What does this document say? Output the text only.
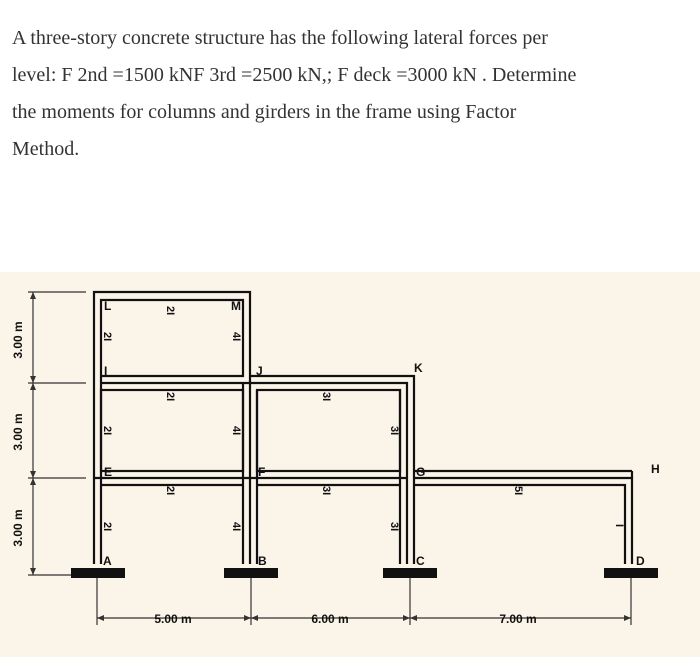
A three-story concrete structure has the following lateral forces per
level: F 2nd =1500 kNF 3rd =2500 kN,; F deck =3000 kN . Determine
the moments for columns and girders in the frame using Factor
Method.
3.00 m
3.00 m
3.00 m
5.00 m	6.00 m	7.00 m
L	M
I	J	K
E	F	G	H
A	B	C	D
2I
2I	4I
2I	3I
2I	4I	3I
2I	3I	5I
2I	4I	3I	I
